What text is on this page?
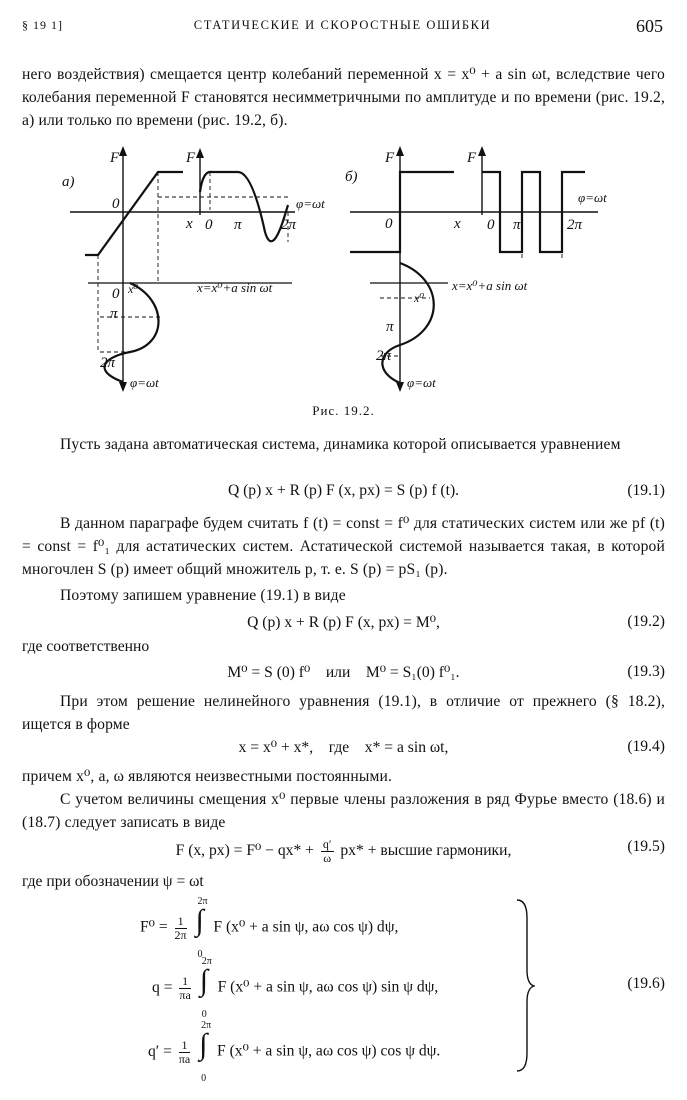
§ 19 1]	СТАТИЧЕСКИЕ И СКОРОСТНЫЕ ОШИБКИ	605
него воздействия) смещается центр колебаний переменной x = x⁰ + a sin ωt, вследствие чего колебания переменной F становятся несимметричными по амплитуде и по времени (рис. 19.2, а) или только по времени (рис. 19.2, б).
а)	б)
F	F	F	F
0
x 0 π	2π
φ=ωt
x=x⁰+a sin ωt
0 x⁰
π
2π
φ=ωt
0	x 0 π	2π
φ=ωt
x=x⁰+a sin ωt
x⁰
π
2π
φ=ωt
Рис. 19.2.
Пусть задана автоматическая система, динамика которой описывается уравнением
Q (p) x + R (p) F (x, px) = S (p) f (t).	(19.1)
В данном параграфе будем считать f (t) = const = f⁰ для статических систем или же pf (t) = const = f⁰₁ для астатических систем. Астатической системой называется такая, в которой многочлен S (p) имеет общий множитель p, т. е. S (p) = pS₁ (p).
Поэтому запишем уравнение (19.1) в виде
Q (p) x + R (p) F (x, px) = M⁰,	(19.2)
где соответственно
M⁰ = S (0) f⁰    или    M⁰ = S₁(0) f⁰₁.	(19.3)
При этом решение нелинейного уравнения (19.1), в отличие от прежнего (§ 18.2), ищется в форме
x = x⁰ + x*,    где    x* = a sin ωt,	(19.4)
причем x⁰, a, ω являются неизвестными постоянными.
С учетом величины смещения x⁰ первые члены разложения в ряд Фурье вместо (18.6) и (18.7) следует записать в виде
F (x, $px) = F^0 - qx* + \frac{q'}{\omega} px*$ + высшие гармоники,	(19.5)
где при обозначении ψ = ωt
$F^0 = \frac{1}{2\pi}$

2π
∫
0
F (x⁰ + a sin ψ, aω cos ψ) dψ,
$q = \frac{1}{\pi a}$

2π
∫
0
F (x⁰ + a sin ψ, aω cos ψ) sin ψ dψ,
$q' = \frac{1}{\pi a}$

2π
∫
0
F (x⁰ + a sin ψ, aω cos ψ) cos ψ dψ.
(19.6)
